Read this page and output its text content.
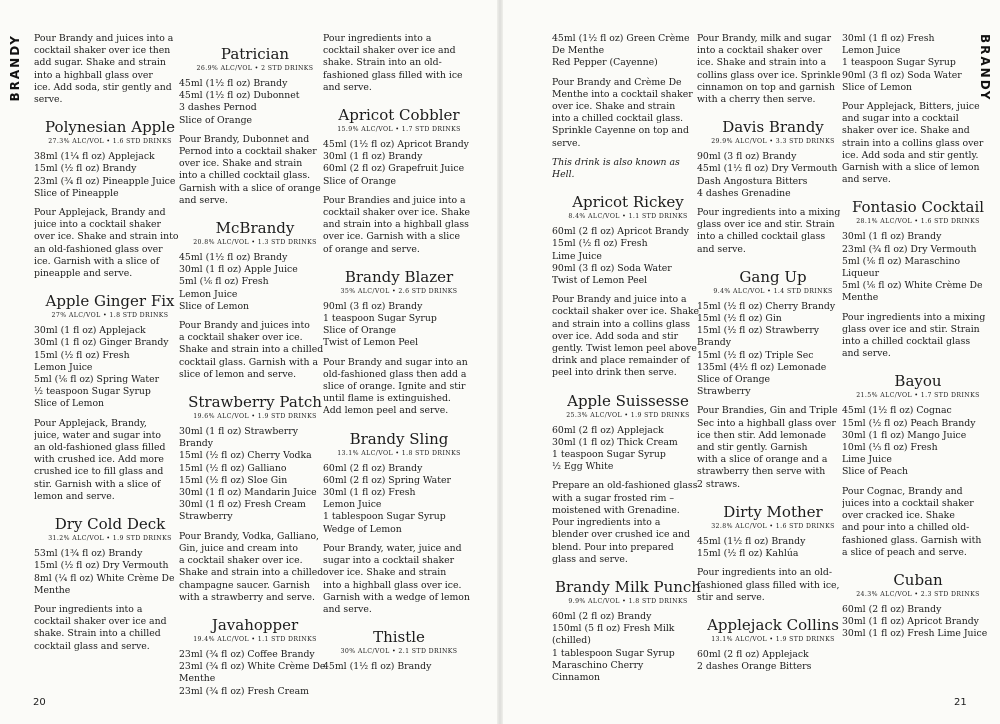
BRANDY	BRANDY
20	21
Pour Brandy and juices into a
cocktail shaker over ice then
add sugar. Shake and strain
into a highball glass over
ice. Add soda, stir gently and
serve.
Polynesian Apple
27.3% ALC/VOL • 1.6 STD DRINKS
38ml (1¼ fl oz) Applejack
15ml (½ fl oz) Brandy
23ml (¾ fl oz) Pineapple Juice
Slice of Pineapple
Pour Applejack, Brandy and
juice into a cocktail shaker
over ice. Shake and strain into
an old-fashioned glass over
ice. Garnish with a slice of
pineapple and serve.
Apple Ginger Fix
27% ALC/VOL • 1.8 STD DRINKS
30ml (1 fl oz) Applejack
30ml (1 fl oz) Ginger Brandy
15ml (½ fl oz) Fresh
Lemon Juice
5ml (⅙ fl oz) Spring Water
½ teaspoon Sugar Syrup
Slice of Lemon
Pour Applejack, Brandy,
juice, water and sugar into
an old-fashioned glass filled
with crushed ice. Add more
crushed ice to fill glass and
stir. Garnish with a slice of
lemon and serve.
Dry Cold Deck
31.2% ALC/VOL • 1.9 STD DRINKS
53ml (1¾ fl oz) Brandy
15ml (½ fl oz) Dry Vermouth
8ml (¼ fl oz) White Crème De
Menthe
Pour ingredients into a
cocktail shaker over ice and
shake. Strain into a chilled
cocktail glass and serve.
Patrician
26.9% ALC/VOL • 2 STD DRINKS
45ml (1½ fl oz) Brandy
45ml (1½ fl oz) Dubonnet
3 dashes Pernod
Slice of Orange
Pour Brandy, Dubonnet and
Pernod into a cocktail shaker
over ice. Shake and strain
into a chilled cocktail glass.
Garnish with a slice of orange
and serve.
McBrandy
20.8% ALC/VOL • 1.3 STD DRINKS
45ml (1½ fl oz) Brandy
30ml (1 fl oz) Apple Juice
5ml (⅙ fl oz) Fresh
Lemon Juice
Slice of Lemon
Pour Brandy and juices into
a cocktail shaker over ice.
Shake and strain into a chilled
cocktail glass. Garnish with a
slice of lemon and serve.
Strawberry Patch
19.6% ALC/VOL • 1.9 STD DRINKS
30ml (1 fl oz) Strawberry
Brandy
15ml (½ fl oz) Cherry Vodka
15ml (½ fl oz) Galliano
15ml (½ fl oz) Sloe Gin
30ml (1 fl oz) Mandarin Juice
30ml (1 fl oz) Fresh Cream
Strawberry
Pour Brandy, Vodka, Galliano,
Gin, juice and cream into
a cocktail shaker over ice.
Shake and strain into a chilled
champagne saucer. Garnish
with a strawberry and serve.
Javahopper
19.4% ALC/VOL • 1.1 STD DRINKS
23ml (¾ fl oz) Coffee Brandy
23ml (¾ fl oz) White Crème De
Menthe
23ml (¾ fl oz) Fresh Cream
Pour ingredients into a
cocktail shaker over ice and
shake. Strain into an old-
fashioned glass filled with ice
and serve.
Apricot Cobbler
15.9% ALC/VOL • 1.7 STD DRINKS
45ml (1½ fl oz) Apricot Brandy
30ml (1 fl oz) Brandy
60ml (2 fl oz) Grapefruit Juice
Slice of Orange
Pour Brandies and juice into a
cocktail shaker over ice. Shake
and strain into a highball glass
over ice. Garnish with a slice
of orange and serve.
Brandy Blazer
35% ALC/VOL • 2.6 STD DRINKS
90ml (3 fl oz) Brandy
1 teaspoon Sugar Syrup
Slice of Orange
Twist of Lemon Peel
Pour Brandy and sugar into an
old-fashioned glass then add a
slice of orange. Ignite and stir
until flame is extinguished.
Add lemon peel and serve.
Brandy Sling
13.1% ALC/VOL • 1.8 STD DRINKS
60ml (2 fl oz) Brandy
60ml (2 fl oz) Spring Water
30ml (1 fl oz) Fresh
Lemon Juice
1 tablespoon Sugar Syrup
Wedge of Lemon
Pour Brandy, water, juice and
sugar into a cocktail shaker
over ice. Shake and strain
into a highball glass over ice.
Garnish with a wedge of lemon
and serve.
Thistle
30% ALC/VOL • 2.1 STD DRINKS
45ml (1½ fl oz) Brandy
45ml (1½ fl oz) Green Crème
De Menthe
Red Pepper (Cayenne)
Pour Brandy and Crème De
Menthe into a cocktail shaker
over ice. Shake and strain
into a chilled cocktail glass.
Sprinkle Cayenne on top and
serve.
This drink is also known as
Hell.
Apricot Rickey
8.4% ALC/VOL • 1.1 STD DRINKS
60ml (2 fl oz) Apricot Brandy
15ml (½ fl oz) Fresh
Lime Juice
90ml (3 fl oz) Soda Water
Twist of Lemon Peel
Pour Brandy and juice into a
cocktail shaker over ice. Shake
and strain into a collins glass
over ice. Add soda and stir
gently. Twist lemon peel above
drink and place remainder of
peel into drink then serve.
Apple Suissesse
25.3% ALC/VOL • 1.9 STD DRINKS
60ml (2 fl oz) Applejack
30ml (1 fl oz) Thick Cream
1 teaspoon Sugar Syrup
½ Egg White
Prepare an old-fashioned glass
with a sugar frosted rim –
moistened with Grenadine.
Pour ingredients into a
blender over crushed ice and
blend. Pour into prepared
glass and serve.
Brandy Milk Punch
9.9% ALC/VOL • 1.8 STD DRINKS
60ml (2 fl oz) Brandy
150ml (5 fl oz) Fresh Milk
(chilled)
1 tablespoon Sugar Syrup
Maraschino Cherry
Cinnamon
Pour Brandy, milk and sugar
into a cocktail shaker over
ice. Shake and strain into a
collins glass over ice. Sprinkle
cinnamon on top and garnish
with a cherry then serve.
Davis Brandy
29.9% ALC/VOL • 3.3 STD DRINKS
90ml (3 fl oz) Brandy
45ml (1½ fl oz) Dry Vermouth
Dash Angostura Bitters
4 dashes Grenadine
Pour ingredients into a mixing
glass over ice and stir. Strain
into a chilled cocktail glass
and serve.
Gang Up
9.4% ALC/VOL • 1.4 STD DRINKS
15ml (½ fl oz) Cherry Brandy
15ml (½ fl oz) Gin
15ml (½ fl oz) Strawberry
Brandy
15ml (½ fl oz) Triple Sec
135ml (4½ fl oz) Lemonade
Slice of Orange
Strawberry
Pour Brandies, Gin and Triple
Sec into a highball glass over
ice then stir. Add lemonade
and stir gently. Garnish
with a slice of orange and a
strawberry then serve with
2 straws.
Dirty Mother
32.8% ALC/VOL • 1.6 STD DRINKS
45ml (1½ fl oz) Brandy
15ml (½ fl oz) Kahlúa
Pour ingredients into an old-
fashioned glass filled with ice,
stir and serve.
Applejack Collins
13.1% ALC/VOL • 1.9 STD DRINKS
60ml (2 fl oz) Applejack
2 dashes Orange Bitters
30ml (1 fl oz) Fresh
Lemon Juice
1 teaspoon Sugar Syrup
90ml (3 fl oz) Soda Water
Slice of Lemon
Pour Applejack, Bitters, juice
and sugar into a cocktail
shaker over ice. Shake and
strain into a collins glass over
ice. Add soda and stir gently.
Garnish with a slice of lemon
and serve.
Fontasio Cocktail
28.1% ALC/VOL • 1.6 STD DRINKS
30ml (1 fl oz) Brandy
23ml (¾ fl oz) Dry Vermouth
5ml (⅙ fl oz) Maraschino
Liqueur
5ml (⅙ fl oz) White Crème De
Menthe
Pour ingredients into a mixing
glass over ice and stir. Strain
into a chilled cocktail glass
and serve.
Bayou
21.5% ALC/VOL • 1.7 STD DRINKS
45ml (1½ fl oz) Cognac
15ml (½ fl oz) Peach Brandy
30ml (1 fl oz) Mango Juice
10ml (⅓ fl oz) Fresh
Lime Juice
Slice of Peach
Pour Cognac, Brandy and
juices into a cocktail shaker
over cracked ice. Shake
and pour into a chilled old-
fashioned glass. Garnish with
a slice of peach and serve.
Cuban
24.3% ALC/VOL • 2.3 STD DRINKS
60ml (2 fl oz) Brandy
30ml (1 fl oz) Apricot Brandy
30ml (1 fl oz) Fresh Lime Juice
